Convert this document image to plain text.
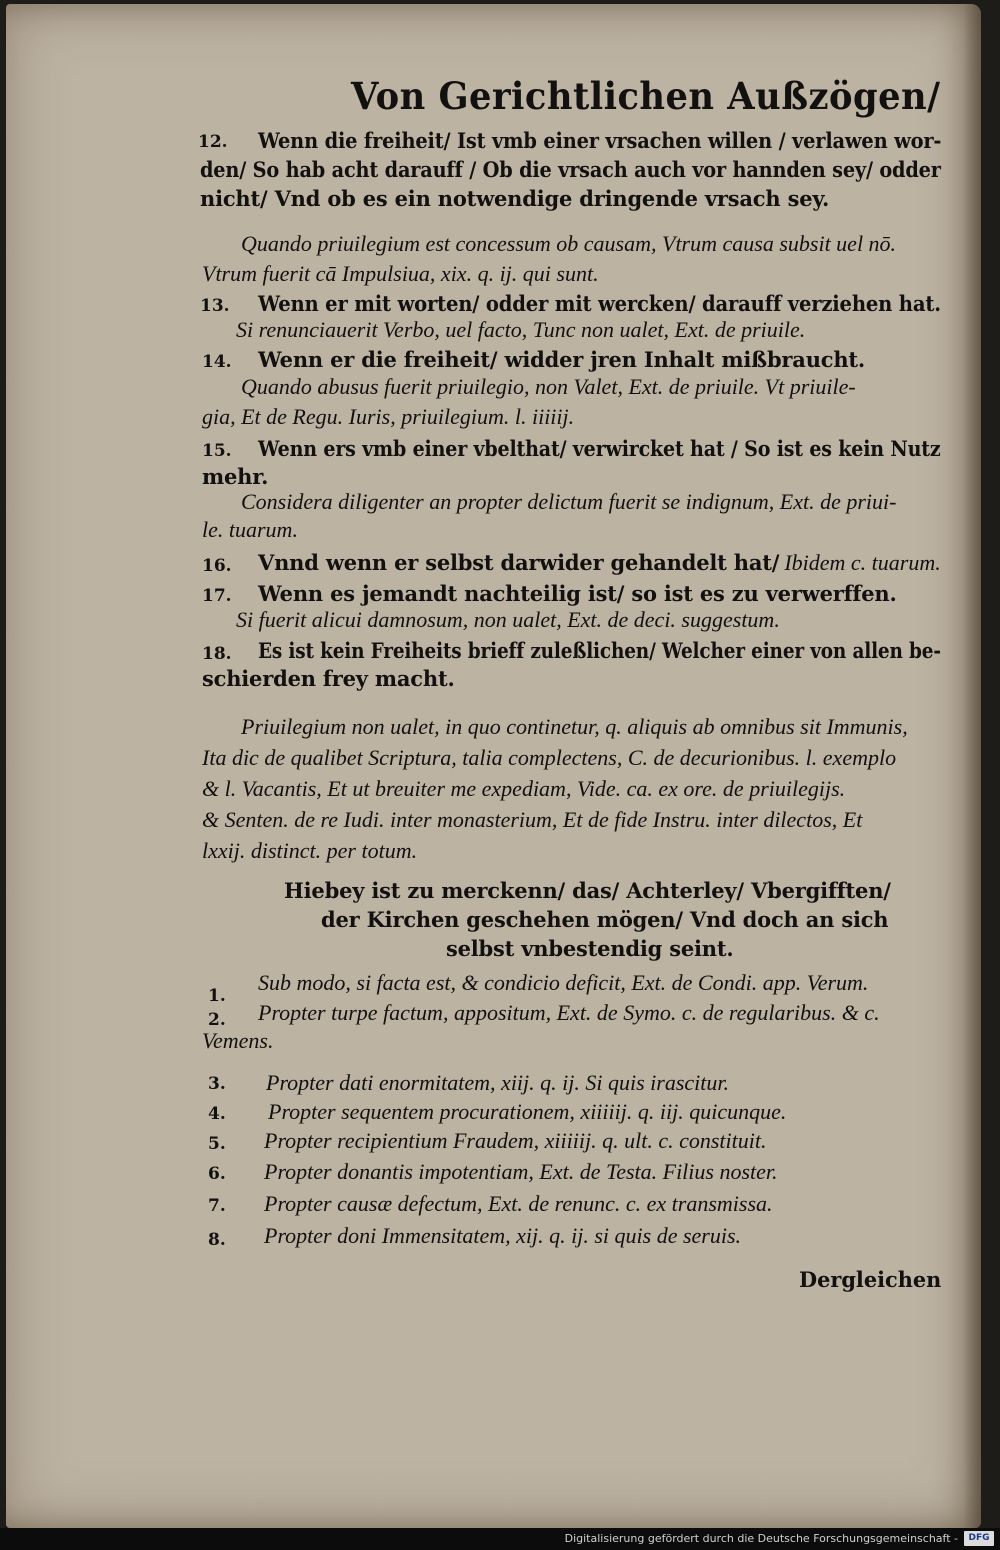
Von Gerichtlichen Außzögen/
12. Wenn die freiheit/ Ist vmb einer vrsachen willen / verlawen wor-
den/ So hab acht darauff / Ob die vrsach auch vor hannden sey/ odder
nicht/ Vnd ob es ein notwendige dringende vrsach sey.
Quando priuilegium est concessum ob causam, Vtrum causa subsit uel nō.
Vtrum fuerit cā Impulsiua, xix. q. ij. qui sunt.
13. Wenn er mit worten/ odder mit wercken/ darauff verziehen hat.
Si renunciauerit Verbo, uel facto, Tunc non ualet, Ext. de priuile.
14. Wenn er die freiheit/ widder jren Inhalt mißbraucht.
Quando abusus fuerit priuilegio, non Valet, Ext. de priuile. Vt priuile-
gia, Et de Regu. Iuris, priuilegium. l. iiiiij.
15. Wenn ers vmb einer vbelthat/ verwircket hat / So ist es kein Nutz
mehr.
Considera diligenter an propter delictum fuerit se indignum, Ext. de priui-
le. tuarum.
16. Vnnd wenn er selbst darwider gehandelt hat/ Ibidem c. tuarum.
17. Wenn es jemandt nachteilig ist/ so ist es zu verwerffen.
Si fuerit alicui damnosum, non ualet, Ext. de deci. suggestum.
18. Es ist kein Freiheits brieff zuleßlichen/ Welcher einer von allen be-
schierden frey macht.
Priuilegium non ualet, in quo continetur, q. aliquis ab omnibus sit Immunis,
Ita dic de qualibet Scriptura, talia complectens, C. de decurionibus. l. exemplo
& l. Vacantis, Et ut breuiter me expediam, Vide. ca. ex ore. de priuilegijs.
& Senten. de re Iudi. inter monasterium, Et de fide Instru. inter dilectos, Et
lxxij. distinct. per totum.
Hiebey ist zu merckenn/ das/ Achterley/ Vbergifften/
der Kirchen geschehen mögen/ Vnd doch an sich
selbst vnbestendig seint.
1.
Sub modo, si facta est, & condicio deficit, Ext. de Condi. app. Verum.
2. Propter turpe factum, appositum, Ext. de Symo. c. de regularibus. & c.
Vemens.
3. Propter dati enormitatem, xiij. q. ij. Si quis irascitur.
4. Propter sequentem procurationem, xiiiiij. q. iij. quicunque.
5. Propter recipientium Fraudem, xiiiiij. q. ult. c. constituit.
6. Propter donantis impotentiam, Ext. de Testa. Filius noster.
7. Propter causæ defectum, Ext. de renunc. c. ex transmissa.
8. Propter doni Immensitatem, xij. q. ij. si quis de seruis.
Dergleichen
Digitalisierung gefördert durch die Deutsche Forschungsgemeinschaft -	DFG
